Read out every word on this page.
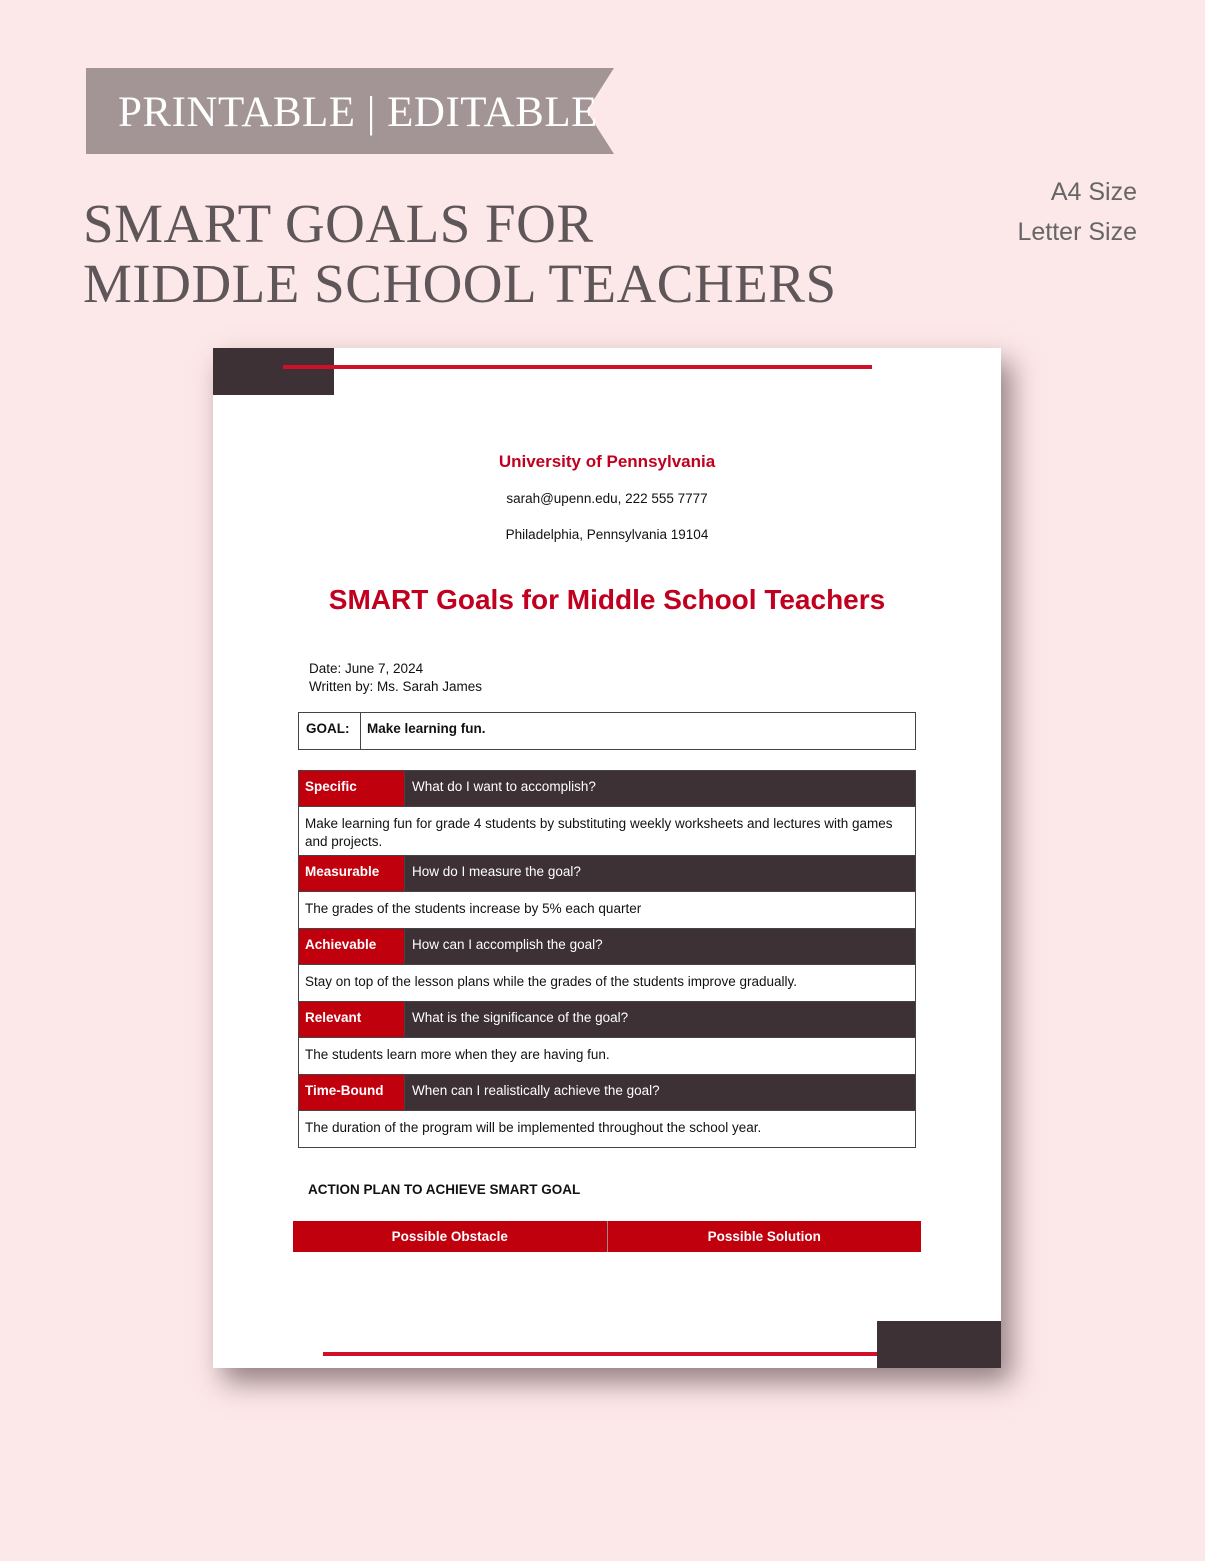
PRINTABLE | EDITABLE
SMART GOALS FOR
MIDDLE SCHOOL TEACHERS
A4 Size
Letter Size
University of Pennsylvania
sarah@upenn.edu, 222 555 7777
Philadelphia, Pennsylvania 19104
SMART Goals for Middle School Teachers
Date: June 7, 2024
Written by: Ms. Sarah James
GOAL:	Make learning fun.
Specific	What do I want to accomplish?
Make learning fun for grade 4 students by substituting weekly worksheets and lectures with games and projects.
Measurable	How do I measure the goal?
The grades of the students increase by 5% each quarter
Achievable	How can I accomplish the goal?
Stay on top of the lesson plans while the grades of the students improve gradually.
Relevant	What is the significance of the goal?
The students learn more when they are having fun.
Time-Bound	When can I realistically achieve the goal?
The duration of the program will be implemented throughout the school year.
ACTION PLAN TO ACHIEVE SMART GOAL
Possible Obstacle	Possible Solution
